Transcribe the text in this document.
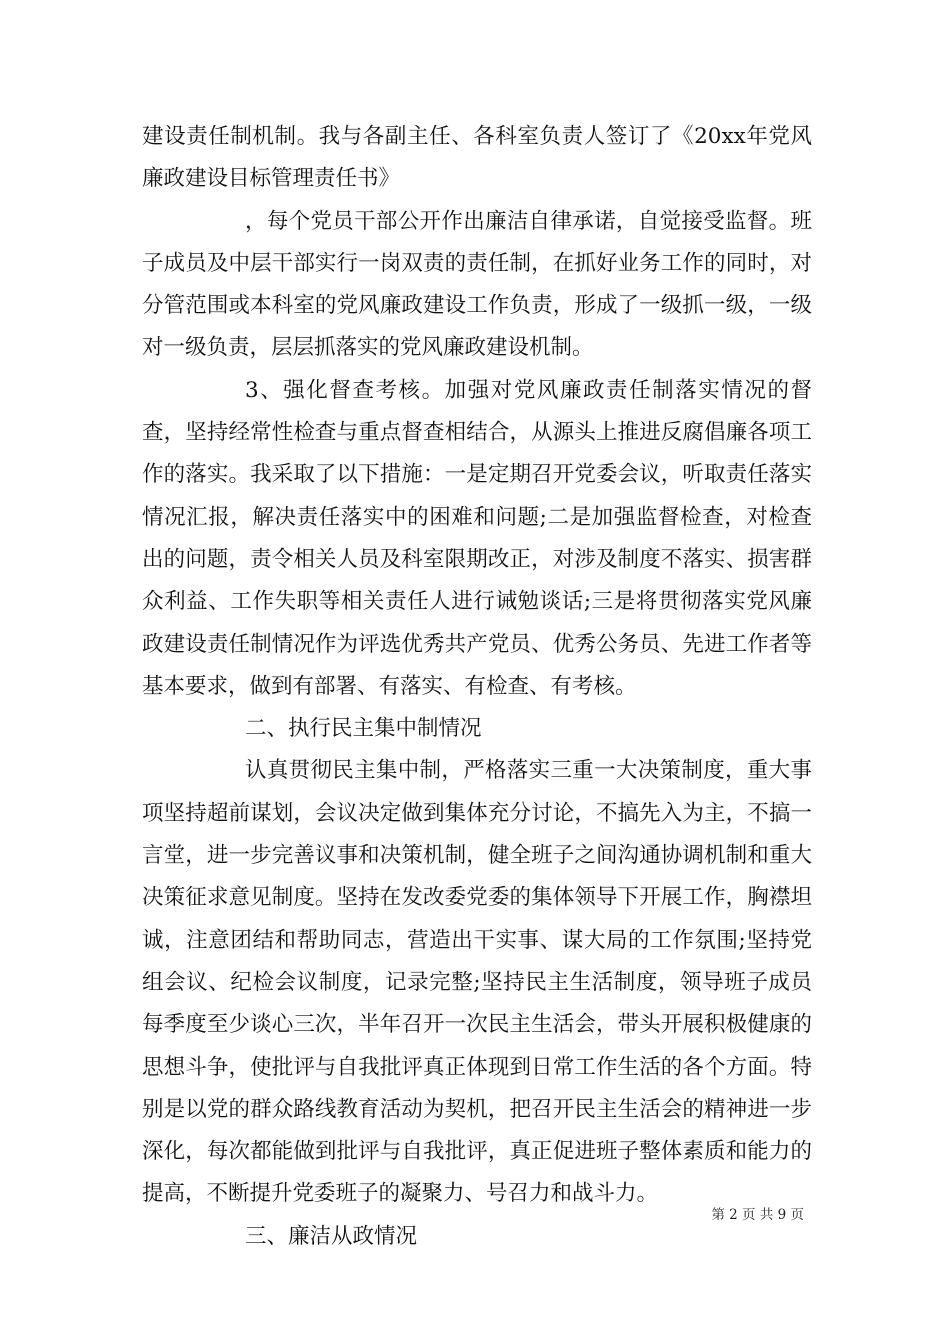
建设责任制机制。我与各副主任、各科室负责人签订了《20xx年党风廉政建设目标管理责任书》

，每个党员干部公开作出廉洁自律承诺，自觉接受监督。班子成员及中层干部实行一岗双责的责任制，在抓好业务工作的同时，对分管范围或本科室的党风廉政建设工作负责，形成了一级抓一级，一级对一级负责，层层抓落实的党风廉政建设机制。

3、强化督查考核。加强对党风廉政责任制落实情况的督查，坚持经常性检查与重点督查相结合，从源头上推进反腐倡廉各项工作的落实。我采取了以下措施：一是定期召开党委会议，听取责任落实情况汇报，解决责任落实中的困难和问题;二是加强监督检查，对检查出的问题，责令相关人员及科室限期改正，对涉及制度不落实、损害群众利益、工作失职等相关责任人进行诫勉谈话;三是将贯彻落实党风廉政建设责任制情况作为评选优秀共产党员、优秀公务员、先进工作者等基本要求，做到有部署、有落实、有检查、有考核。

二、执行民主集中制情况

认真贯彻民主集中制，严格落实三重一大决策制度，重大事项坚持超前谋划，会议决定做到集体充分讨论，不搞先入为主，不搞一言堂，进一步完善议事和决策机制，健全班子之间沟通协调机制和重大决策征求意见制度。坚持在发改委党委的集体领导下开展工作，胸襟坦诚，注意团结和帮助同志，营造出干实事、谋大局的工作氛围;坚持党组会议、纪检会议制度，记录完整;坚持民主生活制度，领导班子成员每季度至少谈心三次，半年召开一次民主生活会，带头开展积极健康的思想斗争，使批评与自我批评真正体现到日常工作生活的各个方面。特别是以党的群众路线教育活动为契机，把召开民主生活会的精神进一步深化，每次都能做到批评与自我批评，真正促进班子整体素质和能力的提高，不断提升党委班子的凝聚力、号召力和战斗力。

三、廉洁从政情况

第 2 页 共 9 页
